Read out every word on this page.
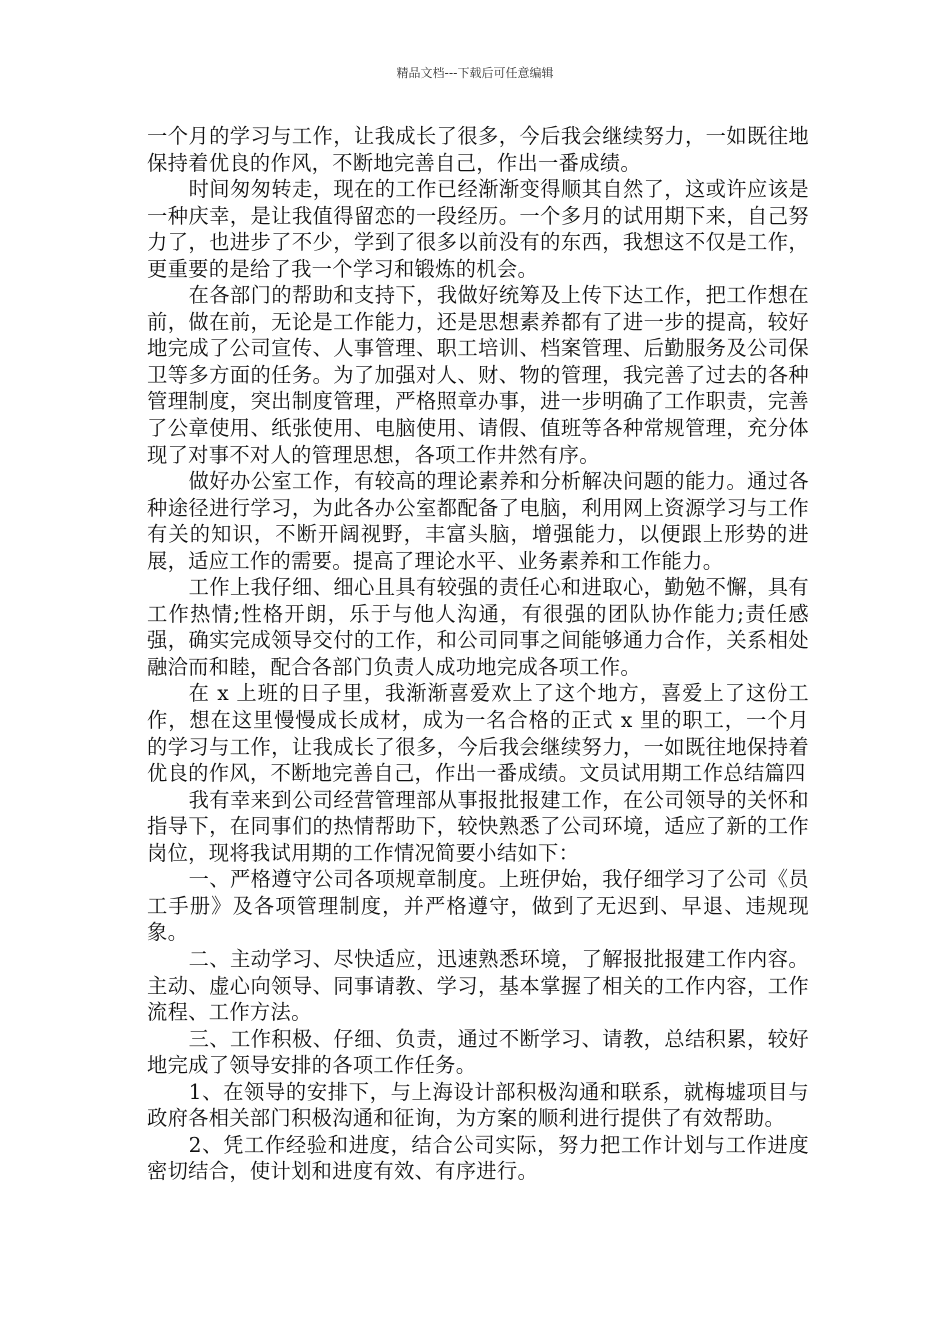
精品文档---下载后可任意编辑

一个月的学习与工作，让我成长了很多，今后我会继续努力，一如既往地保持着优良的作风，不断地完善自己，作出一番成绩。

时间匆匆转走，现在的工作已经渐渐变得顺其自然了，这或许应该是一种庆幸，是让我值得留恋的一段经历。一个多月的试用期下来，自己努力了，也进步了不少，学到了很多以前没有的东西，我想这不仅是工作，更重要的是给了我一个学习和锻炼的机会。

在各部门的帮助和支持下，我做好统筹及上传下达工作，把工作想在前，做在前，无论是工作能力，还是思想素养都有了进一步的提高，较好地完成了公司宣传、人事管理、职工培训、档案管理、后勤服务及公司保卫等多方面的任务。为了加强对人、财、物的管理，我完善了过去的各种管理制度，突出制度管理，严格照章办事，进一步明确了工作职责，完善了公章使用、纸张使用、电脑使用、请假、值班等各种常规管理，充分体现了对事不对人的管理思想，各项工作井然有序。

做好办公室工作，有较高的理论素养和分析解决问题的能力。通过各种途径进行学习，为此各办公室都配备了电脑，利用网上资源学习与工作有关的知识，不断开阔视野，丰富头脑，增强能力，以便跟上形势的进展，适应工作的需要。提高了理论水平、业务素养和工作能力。

工作上我仔细、细心且具有较强的责任心和进取心，勤勉不懈，具有工作热情;性格开朗，乐于与他人沟通，有很强的团队协作能力;责任感强，确实完成领导交付的工作，和公司同事之间能够通力合作，关系相处融洽而和睦，配合各部门负责人成功地完成各项工作。

在 x 上班的日子里，我渐渐喜爱欢上了这个地方，喜爱上了这份工作，想在这里慢慢成长成材，成为一名合格的正式 x 里的职工，一个月的学习与工作，让我成长了很多，今后我会继续努力，一如既往地保持着优良的作风，不断地完善自己，作出一番成绩。文员试用期工作总结篇四

我有幸来到公司经营管理部从事报批报建工作，在公司领导的关怀和指导下，在同事们的热情帮助下，较快熟悉了公司环境，适应了新的工作岗位，现将我试用期的工作情况简要小结如下：

一、严格遵守公司各项规章制度。上班伊始，我仔细学习了公司《员工手册》及各项管理制度，并严格遵守，做到了无迟到、早退、违规现象。

二、主动学习、尽快适应，迅速熟悉环境，了解报批报建工作内容。主动、虚心向领导、同事请教、学习，基本掌握了相关的工作内容，工作流程、工作方法。

三、工作积极、仔细、负责，通过不断学习、请教，总结积累，较好地完成了领导安排的各项工作任务。

1、在领导的安排下，与上海设计部积极沟通和联系，就梅墟项目与政府各相关部门积极沟通和征询，为方案的顺利进行提供了有效帮助。

2、凭工作经验和进度，结合公司实际，努力把工作计划与工作进度密切结合，使计划和进度有效、有序进行。
